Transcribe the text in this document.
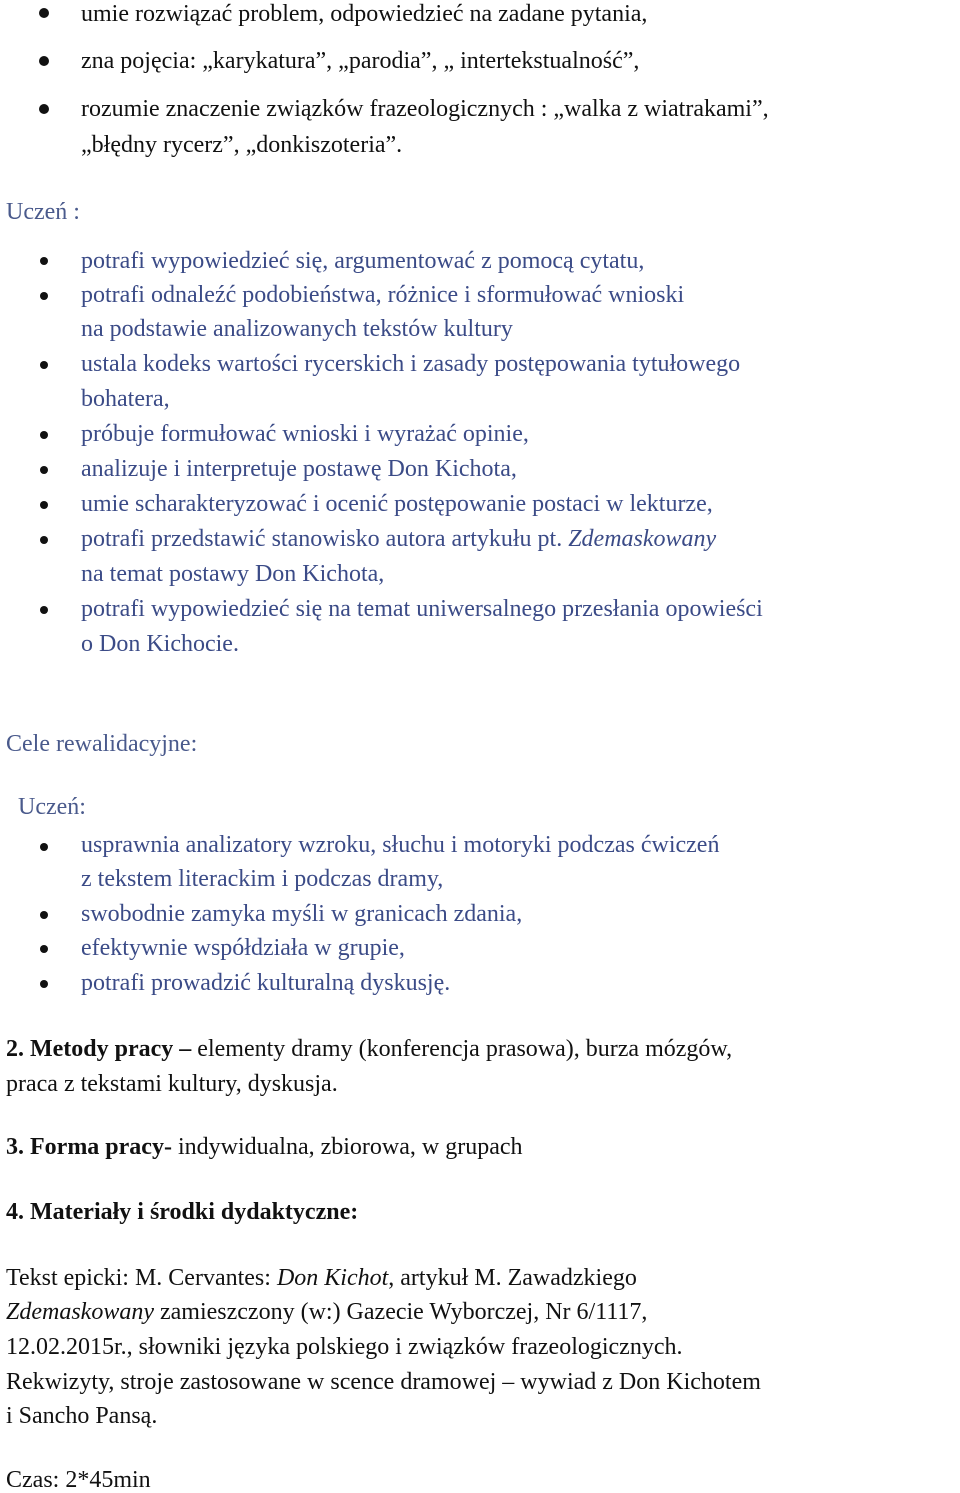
umie rozwiązać problem, odpowiedzieć na zadane pytania,
zna pojęcia: „karykatura”, „parodia”, „ intertekstualność”,
rozumie znaczenie związków frazeologicznych : „walka z wiatrakami”,
„błędny rycerz”, „donkiszoteria”.
Uczeń :
potrafi wypowiedzieć się, argumentować z pomocą cytatu,
potrafi odnaleźć podobieństwa, różnice i sformułować wnioski
na podstawie analizowanych tekstów kultury
ustala kodeks wartości rycerskich i zasady postępowania tytułowego
bohatera,
próbuje formułować wnioski i wyrażać opinie,
analizuje i interpretuje postawę Don Kichota,
umie scharakteryzować i ocenić postępowanie postaci w lekturze,
potrafi przedstawić stanowisko autora artykułu pt. Zdemaskowany
na temat postawy Don Kichota,
potrafi wypowiedzieć się na temat uniwersalnego przesłania opowieści
o Don Kichocie.
Cele rewalidacyjne:
Uczeń:
usprawnia analizatory wzroku, słuchu i motoryki podczas ćwiczeń
z tekstem literackim i podczas dramy,
swobodnie zamyka myśli w granicach zdania,
efektywnie współdziała w grupie,
potrafi prowadzić kulturalną dyskusję.
2. Metody pracy – elementy dramy (konferencja prasowa), burza mózgów,
praca z tekstami kultury, dyskusja.
3. Forma pracy- indywidualna, zbiorowa, w grupach
4. Materiały i środki dydaktyczne:
Tekst epicki: M. Cervantes: Don Kichot, artykuł M. Zawadzkiego
Zdemaskowany zamieszczony (w:) Gazecie Wyborczej, Nr 6/1117,
12.02.2015r., słowniki języka polskiego i związków frazeologicznych.
Rekwizyty, stroje zastosowane w scence dramowej – wywiad z Don Kichotem
i Sancho Pansą.
Czas: 2*45min
